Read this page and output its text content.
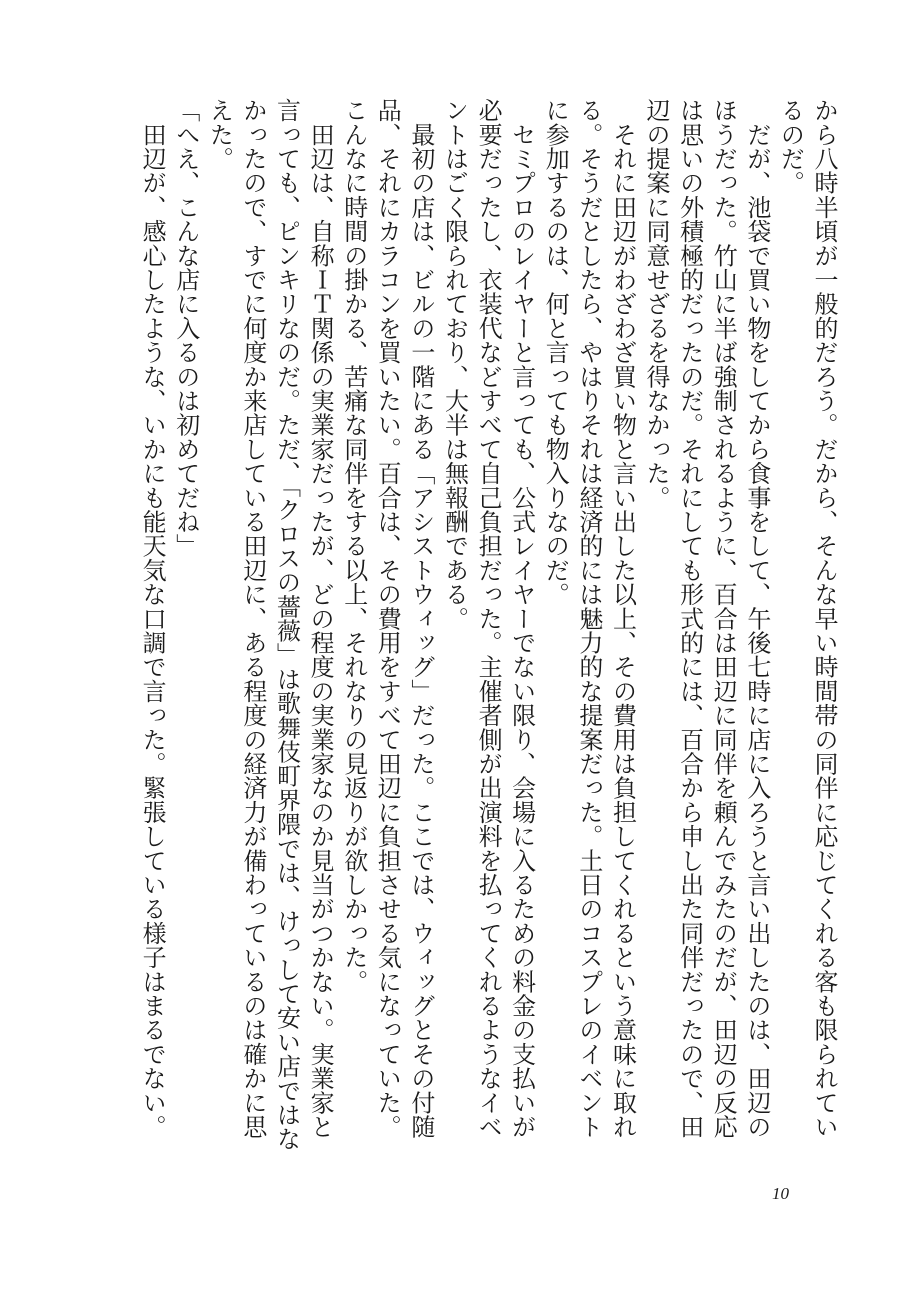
から八時半頃が一般的だろう。だから、そんな早い時間帯の同伴に応じてくれる客も限られているのだ。

　だが、池袋で買い物をしてから食事をして、午後七時に店に入ろうと言い出したのは、田辺のほうだった。竹山に半ば強制されるように、百合は田辺に同伴を頼んでみたのだが、田辺の反応は思いの外積極的だったのだ。それにしても形式的には、百合から申し出た同伴だったので、田辺の提案に同意せざるを得なかった。

　それに田辺がわざわざ買い物と言い出した以上、その費用は負担してくれるという意味に取れる。そうだとしたら、やはりそれは経済的には魅力的な提案だった。土日のコスプレのイベントに参加するのは、何と言っても物入りなのだ。

　セミプロのレイヤーと言っても、公式レイヤーでない限り、会場に入るための料金の支払いが必要だったし、衣装代などすべて自己負担だった。主催者側が出演料を払ってくれるようなイベントはごく限られており、大半は無報酬である。

　最初の店は、ビルの一階にある「アシストウィッグ」だった。ここでは、ウィッグとその付随品、それにカラコンを買いたい。百合は、その費用をすべて田辺に負担させる気になっていた。こんなに時間の掛かる、苦痛な同伴をする以上、それなりの見返りが欲しかった。

　田辺は、自称ＩＴ関係の実業家だったが、どの程度の実業家なのか見当がつかない。実業家と言っても、ピンキリなのだ。ただ、「クロスの薔薇」は歌舞伎町界隈では、けっして安い店ではなかったので、すでに何度か来店している田辺に、ある程度の経済力が備わっているのは確かに思えた。

「へえ、こんな店に入るのは初めてだね」

　田辺が、感心したような、いかにも能天気な口調で言った。緊張している様子はまるでない。

10
